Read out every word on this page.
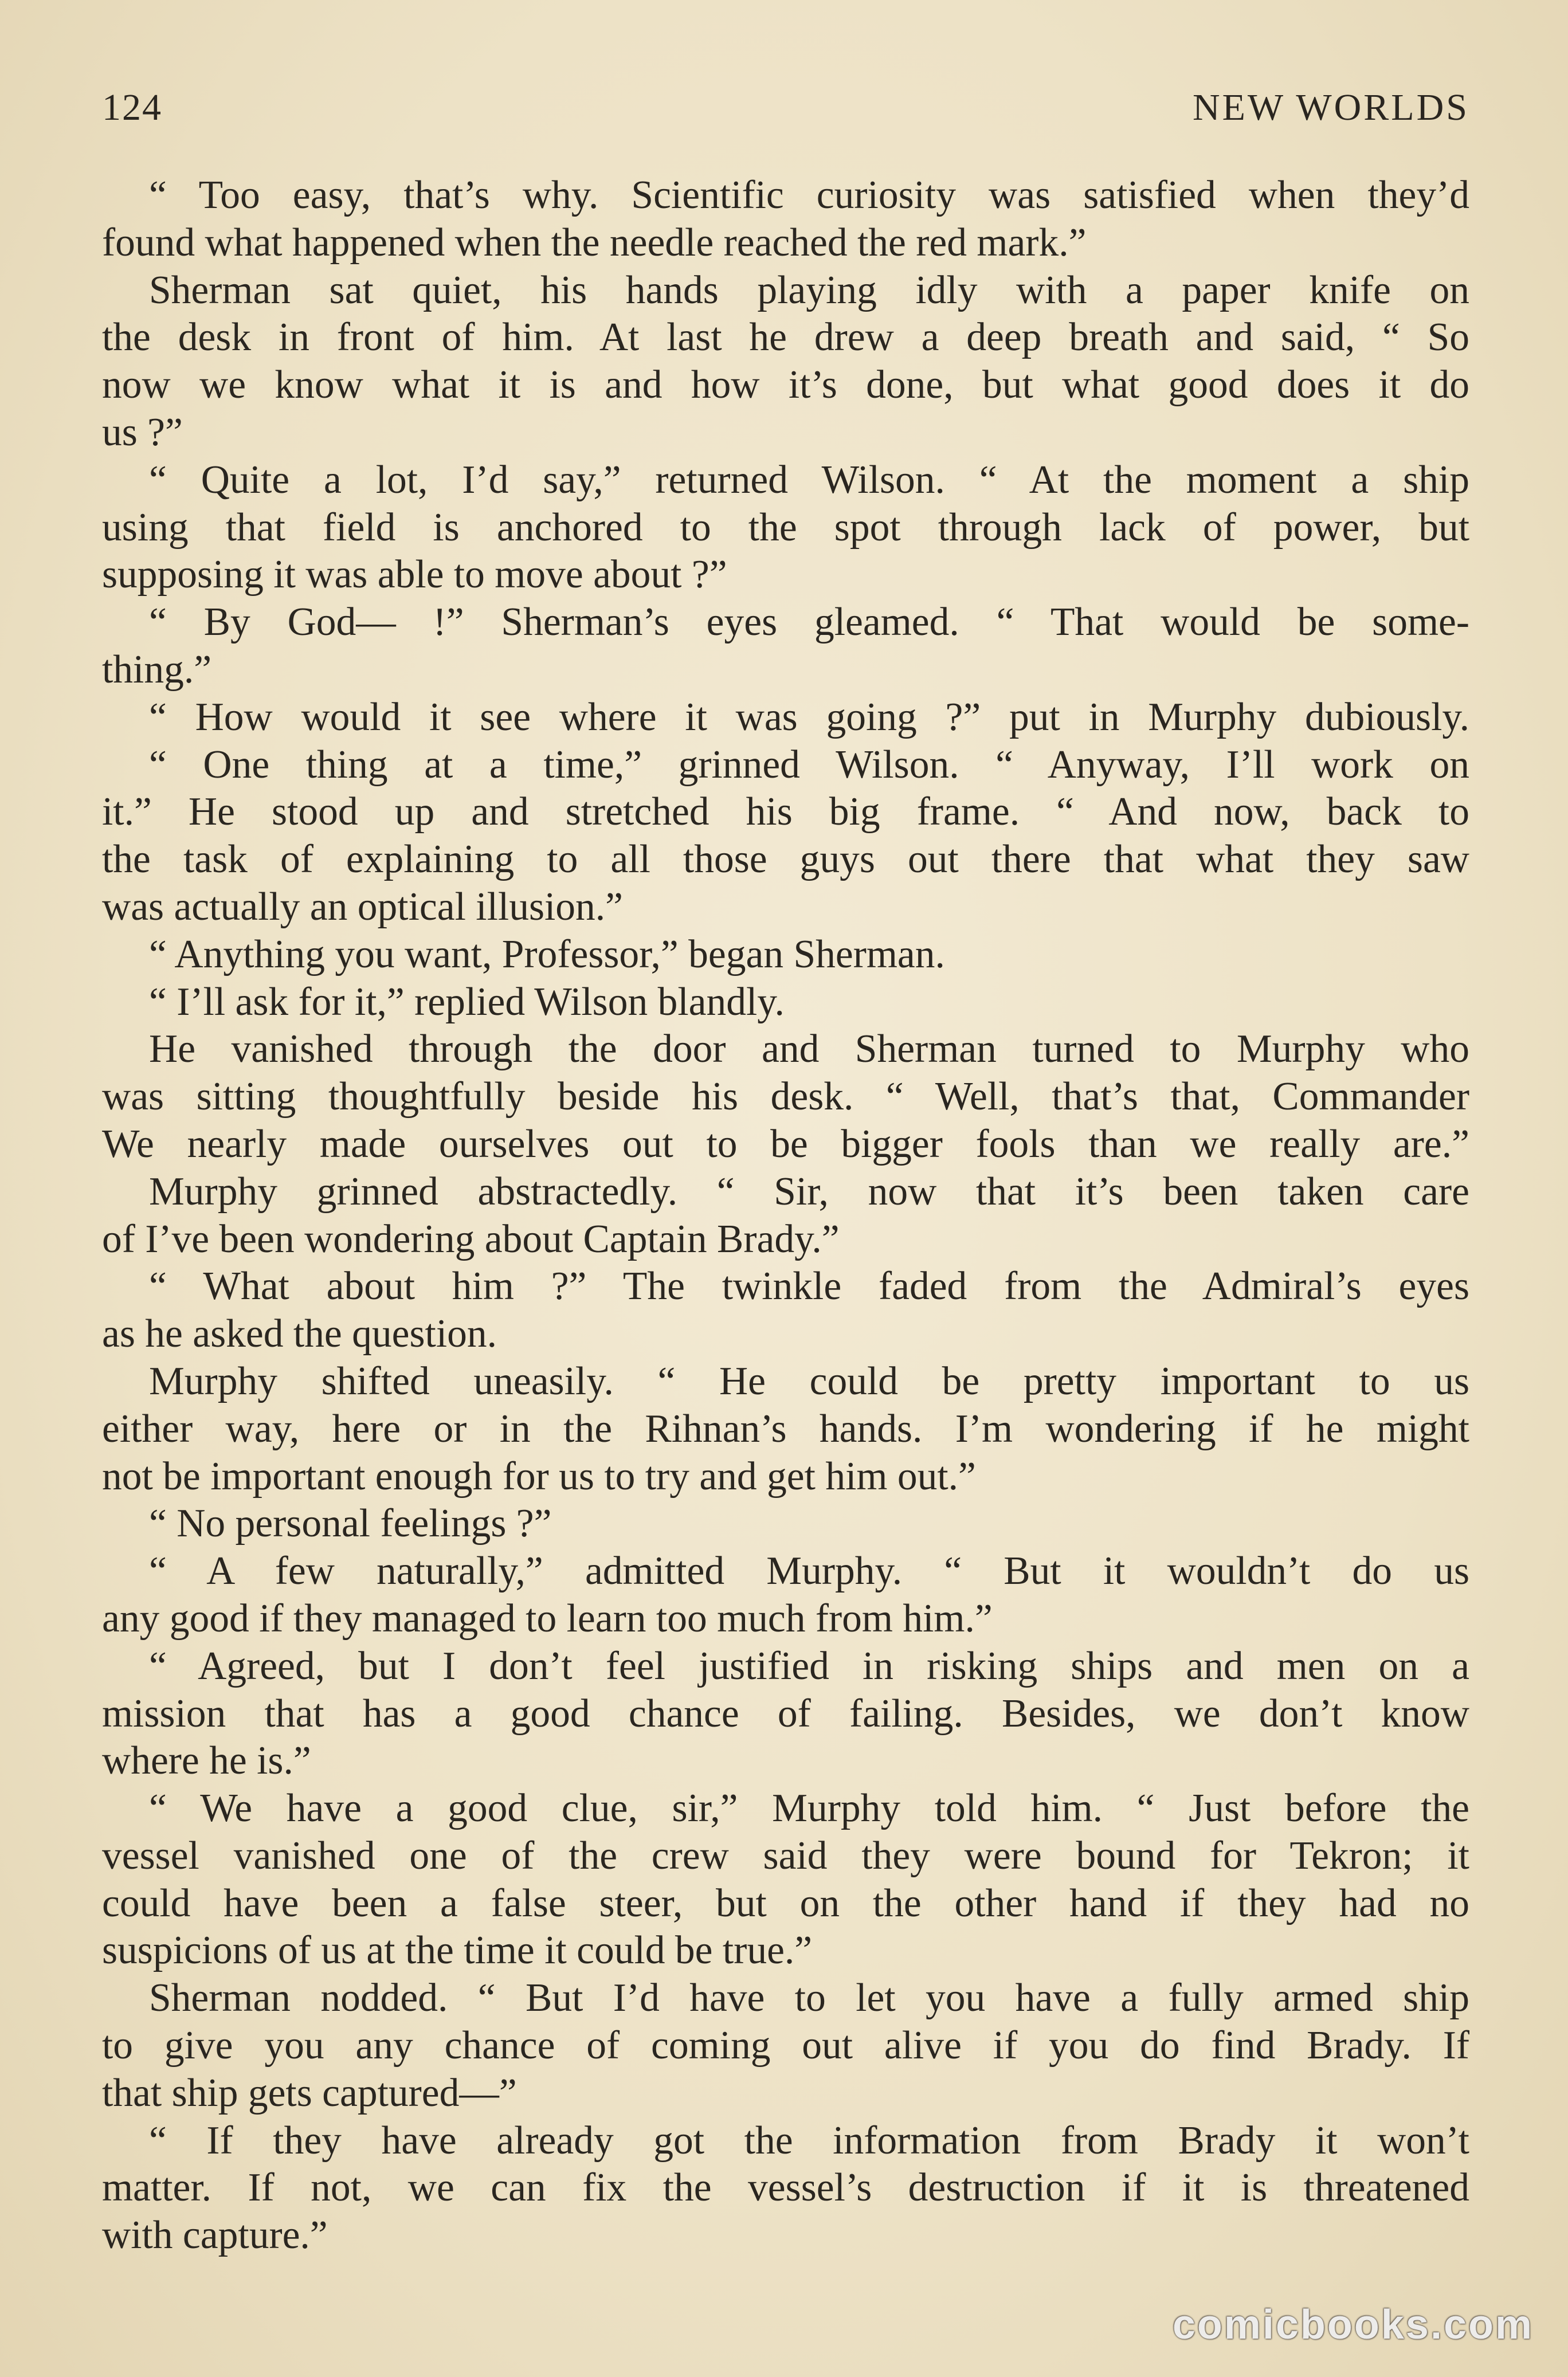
124	NEW WORLDS
“ Too easy, that’s why. Scientific curiosity was satisfied when they’d
found what happened when the needle reached the red mark.”
Sherman sat quiet, his hands playing idly with a paper knife on
the desk in front of him. At last he drew a deep breath and said, “ So
now we know what it is and how it’s done, but what good does it do
us ?”
“ Quite a lot, I’d say,” returned Wilson. “ At the moment a ship
using that field is anchored to the spot through lack of power, but
supposing it was able to move about ?”
“ By God— !” Sherman’s eyes gleamed. “ That would be some-
thing.”
“ How would it see where it was going ?” put in Murphy dubiously.
“ One thing at a time,” grinned Wilson. “ Anyway, I’ll work on
it.” He stood up and stretched his big frame. “ And now, back to
the task of explaining to all those guys out there that what they saw
was actually an optical illusion.”
“ Anything you want, Professor,” began Sherman.
“ I’ll ask for it,” replied Wilson blandly.
He vanished through the door and Sherman turned to Murphy who
was sitting thoughtfully beside his desk. “ Well, that’s that, Commander
We nearly made ourselves out to be bigger fools than we really are.”
Murphy grinned abstractedly. “ Sir, now that it’s been taken care
of I’ve been wondering about Captain Brady.”
“ What about him ?” The twinkle faded from the Admiral’s eyes
as he asked the question.
Murphy shifted uneasily. “ He could be pretty important to us
either way, here or in the Rihnan’s hands. I’m wondering if he might
not be important enough for us to try and get him out.”
“ No personal feelings ?”
“ A few naturally,” admitted Murphy. “ But it wouldn’t do us
any good if they managed to learn too much from him.”
“ Agreed, but I don’t feel justified in risking ships and men on a
mission that has a good chance of failing. Besides, we don’t know
where he is.”
“ We have a good clue, sir,” Murphy told him. “ Just before the
vessel vanished one of the crew said they were bound for Tekron; it
could have been a false steer, but on the other hand if they had no
suspicions of us at the time it could be true.”
Sherman nodded. “ But I’d have to let you have a fully armed ship
to give you any chance of coming out alive if you do find Brady. If
that ship gets captured—”
“ If they have already got the information from Brady it won’t
matter. If not, we can fix the vessel’s destruction if it is threatened
with capture.”
comicbooks.com
